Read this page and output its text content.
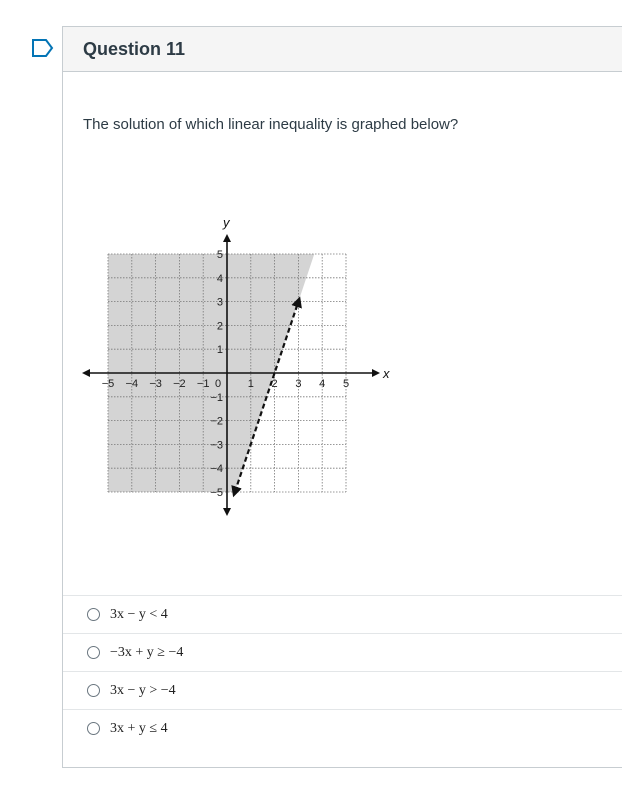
Question 11
The solution of which linear inequality is graphed below?
x
y
−5 −4 −3 −2 −1 0 1 2 3 4 5
5
4
3
2
1
−1
−2
−3
−4
−5
3x − y < 4
−3x + y ≥ −4
3x − y > −4
3x + y ≤ 4
